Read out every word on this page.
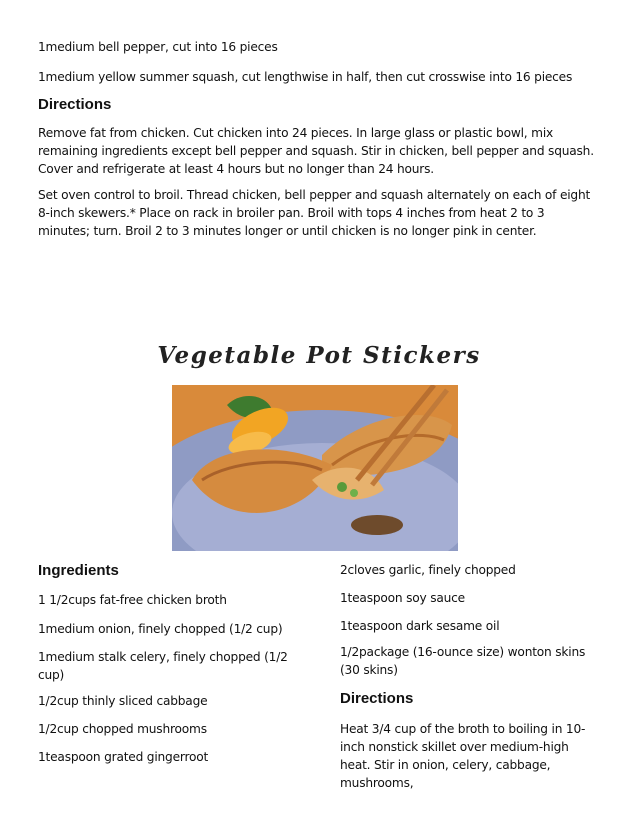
1medium bell pepper, cut into 16 pieces

1medium yellow summer squash, cut lengthwise in half, then cut crosswise into 16 pieces

Directions

Remove fat from chicken. Cut chicken into 24 pieces. In large glass or plastic bowl, mix remaining ingredients except bell pepper and squash. Stir in chicken, bell pepper and squash. Cover and refrigerate at least 4 hours but no longer than 24 hours.

Set oven control to broil. Thread chicken, bell pepper and squash alternately on each of eight 8-inch skewers.* Place on rack in broiler pan. Broil with tops 4 inches from heat 2 to 3 minutes; turn. Broil 2 to 3 minutes longer or until chicken is no longer pink in center.

Vegetable Pot Stickers
Ingredients

1 1/2cups fat-free chicken broth

1medium onion, finely chopped (1/2 cup)

1medium stalk celery, finely chopped (1/2 cup)

1/2cup thinly sliced cabbage

1/2cup chopped mushrooms

1teaspoon grated gingerroot

2cloves garlic, finely chopped

1teaspoon soy sauce

1teaspoon dark sesame oil

1/2package (16-ounce size) wonton skins (30 skins)

Directions

Heat 3/4 cup of the broth to boiling in 10-inch nonstick skillet over medium-high heat. Stir in onion, celery, cabbage, mushrooms,
